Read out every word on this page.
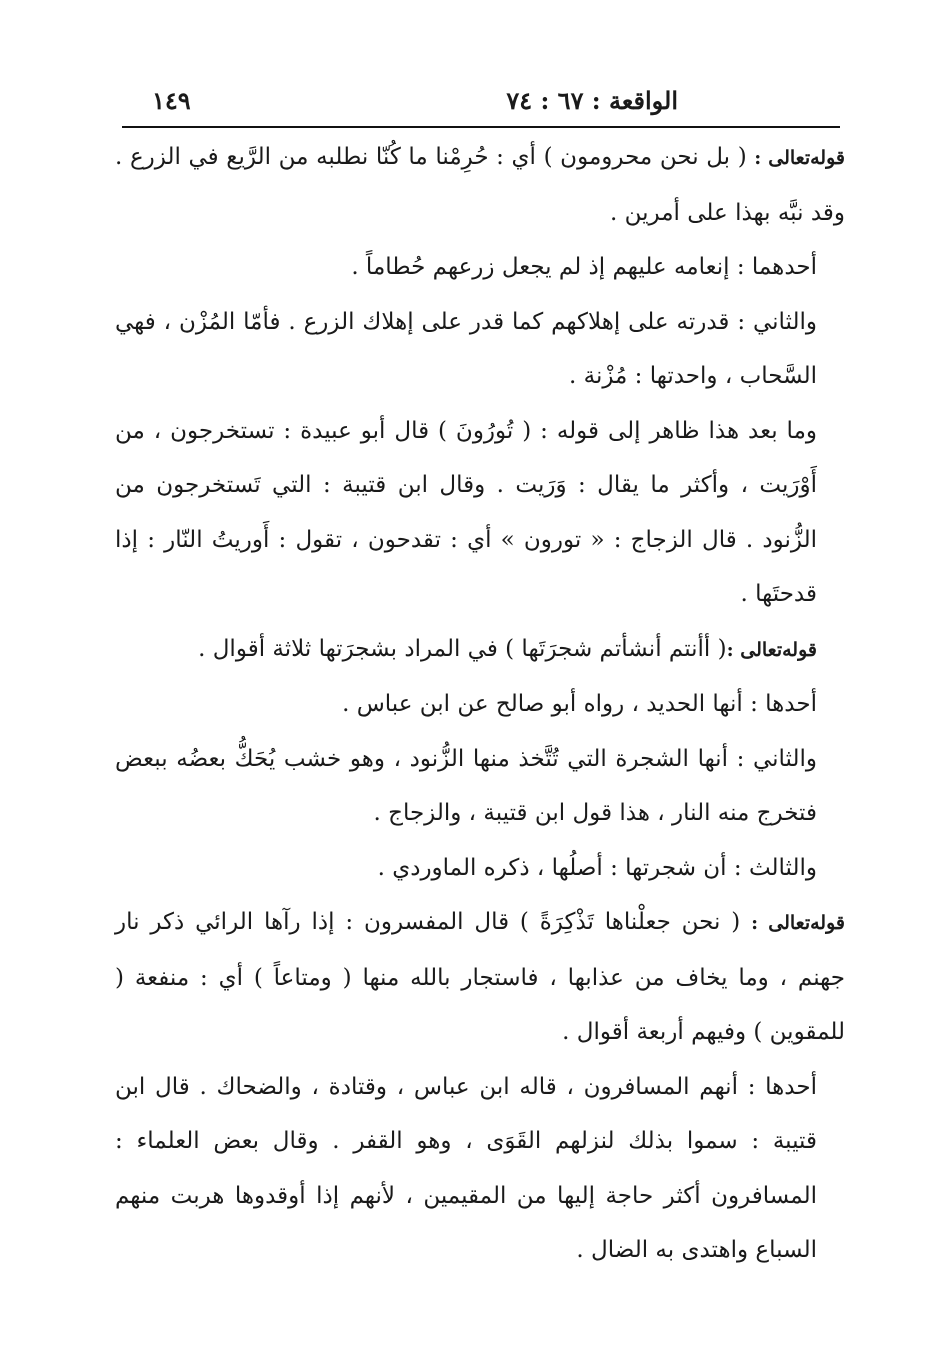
الواقعة : ٦٧ : ٧٤
١٤٩

قوله‌تعالى : ( بل نحن محرومون ) أي : حُرِمْنا ما كُنّا نطلبه من الرَّيع في الزرع . وقد نبَّه بهذا على أمرين .

أحدهما : إنعامه عليهم إذ لم يجعل زرعهم حُطاماً .

والثاني : قدرته على إهلاكهم كما قدر على إهلاك الزرع . فأمّا المُزْن ، فهي السَّحاب ، واحدتها : مُزْنة .

وما بعد هذا ظاهر إلى قوله : ( تُورُونَ ) قال أبو عبيدة : تستخرجون ، من أَوْرَيت ، وأكثر ما يقال : وَرَيت . وقال ابن قتيبة : التي تَستخرجون من الزُّنود . قال الزجاج : « تورون » أي : تقدحون ، تقول : أَوريتُ النّار : إذا قدحتَها .

قوله‌تعالى :( أأنتم أنشأتم شجرَتَها ) في المراد بشجرَتها ثلاثة أقوال .

أحدها : أنها الحديد ، رواه أبو صالح عن ابن عباس .

والثاني : أنها الشجرة التي تُتَّخذ منها الزُّنود ، وهو خشب يُحَكُّ بعضُه ببعض فتخرج منه النار ، هذا قول ابن قتيبة ، والزجاج .

والثالث : أن شجرتها : أصلُها ، ذكره الماوردي .

قوله‌تعالى : ( نحن جعلْناها تَذْكِرَةً ) قال المفسرون : إذا رآها الرائي ذكر نار جهنم ، وما يخاف من عذابها ، فاستجار بالله منها ( ومتاعاً ) أي : منفعة ( للمقوين ) وفيهم أربعة أقوال .

أحدها : أنهم المسافرون ، قاله ابن عباس ، وقتادة ، والضحاك . قال ابن قتيبة : سموا بذلك لنزلهم القَوَى ، وهو القفر . وقال بعض العلماء : المسافرون أكثر حاجة إليها من المقيمين ، لأنهم إذا أوقدوها هربت منهم السباع واهتدى به الضال .
